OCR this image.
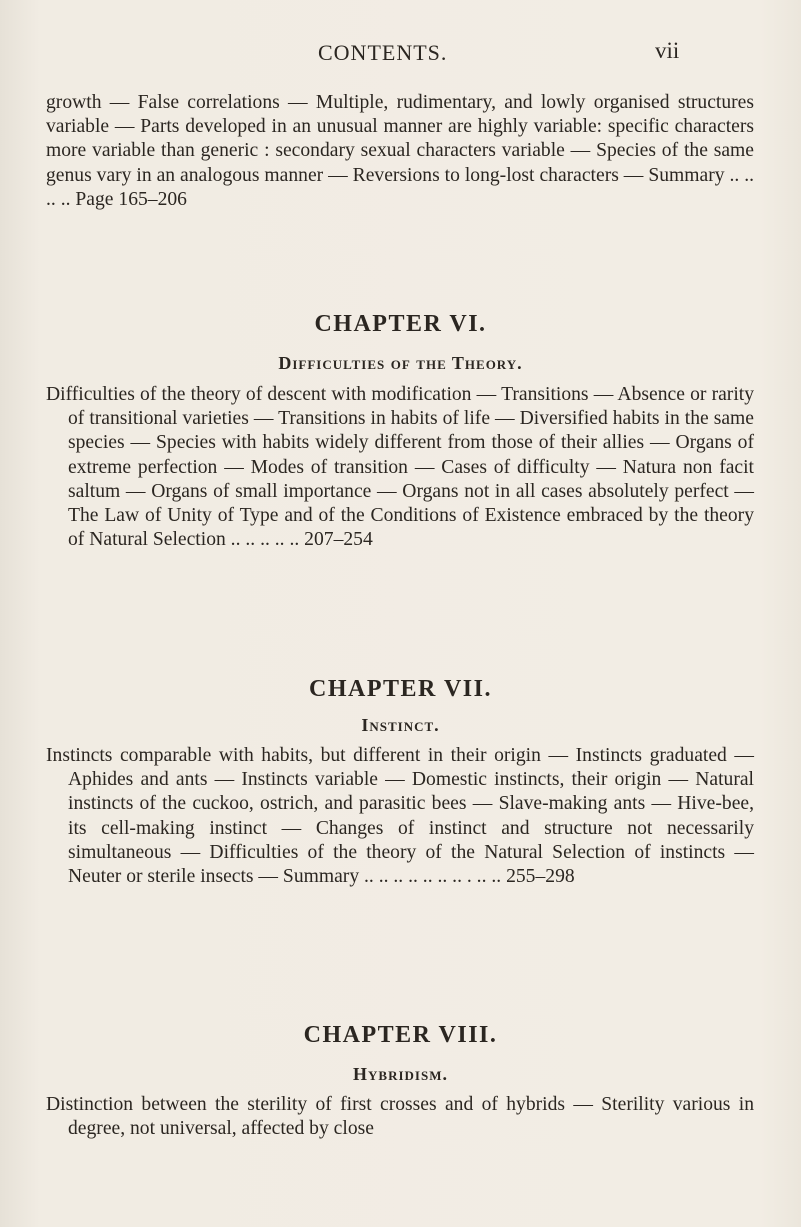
CONTENTS.	vii

growth — False correlations — Multiple, rudimentary, and lowly organised structures variable — Parts developed in an unusual manner are highly variable: specific characters more variable than generic : secondary sexual characters variable — Species of the same genus vary in an analogous manner — Reversions to long-lost characters — Summary .. .. .. .. Page 165–206

CHAPTER VI.
Difficulties of the Theory.

Difficulties of the theory of descent with modification — Transitions — Absence or rarity of transitional varieties — Transitions in habits of life — Diversified habits in the same species — Species with habits widely different from those of their allies — Organs of extreme perfection — Modes of transition — Cases of difficulty — Natura non facit saltum — Organs of small importance — Organs not in all cases absolutely perfect — The Law of Unity of Type and of the Conditions of Existence embraced by the theory of Natural Selection .. .. .. .. .. 207–254

CHAPTER VII.
Instinct.

Instincts comparable with habits, but different in their origin — Instincts graduated — Aphides and ants — Instincts variable — Domestic instincts, their origin — Natural instincts of the cuckoo, ostrich, and parasitic bees — Slave-making ants — Hive-bee, its cell-making instinct — Changes of instinct and structure not necessarily simultaneous — Difficulties of the theory of the Natural Selection of instincts — Neuter or sterile insects — Summary .. .. .. .. .. .. .. . .. .. 255–298

CHAPTER VIII.
Hybridism.

Distinction between the sterility of first crosses and of hybrids — Sterility various in degree, not universal, affected by close
